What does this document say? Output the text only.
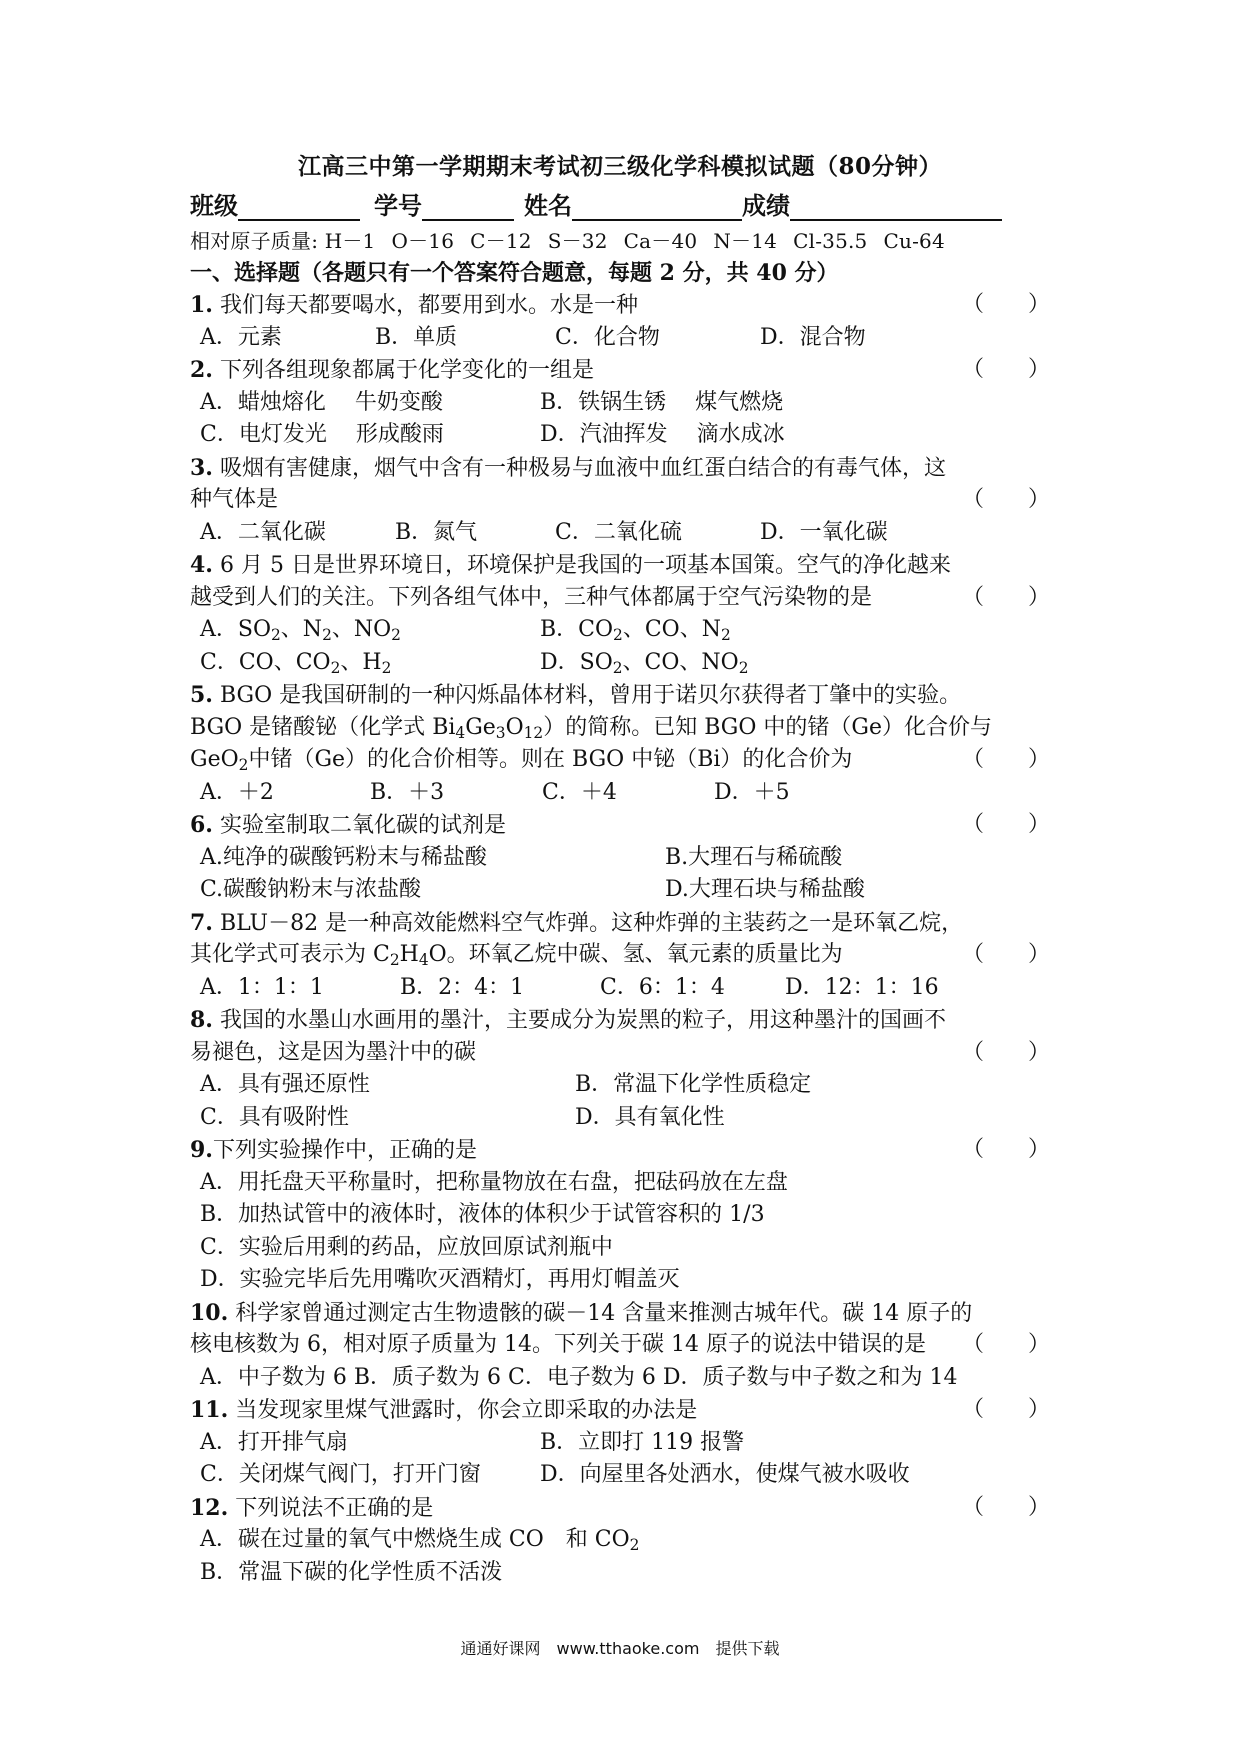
江高三中第一学期期末考试初三级化学科模拟试题（80分钟）
班级	学号	姓名	成绩
相对原子质量: H－1 O－16 C－12 S－32 Ca－40 N－14 Cl-35.5 Cu-64
一、选择题（各题只有一个答案符合题意，每题 2 分，共 40 分）
1. 我们每天都要喝水，都要用到水。水是一种	（　　）
A．元素	B．单质	C．化合物	D．混合物
2. 下列各组现象都属于化学变化的一组是	（　　）
A．蜡烛熔化　 牛奶变酸	B．铁锅生锈　 煤气燃烧
C．电灯发光　 形成酸雨	D．汽油挥发　 滴水成冰
3. 吸烟有害健康，烟气中含有一种极易与血液中血红蛋白结合的有毒气体，这
种气体是	（　　）
A．二氧化碳	B．氮气	C．二氧化硫	D．一氧化碳
4. 6 月 5 日是世界环境日，环境保护是我国的一项基本国策。空气的净化越来
越受到人们的关注。下列各组气体中，三种气体都属于空气污染物的是	（　　）
A．$SO_2$、$N_2$、$NO_2$	B．$CO_2$、CO、$N_2$
C．CO、$CO_2$、$H_2$	D．$SO_2$、CO、$NO_2$
5. BGO 是我国研制的一种闪烁晶体材料，曾用于诺贝尔获得者丁肇中的实验。
BGO 是锗酸铋（化学式 $Bi_4Ge_3O_{12}$）的简称。已知 BGO 中的锗（Ge）化合价与
GeO$_2$中锗（Ge）的化合价相等。则在 BGO 中铋（Bi）的化合价为	（　　）
A．＋2	B．＋3	C．＋4	D．＋5
6. 实验室制取二氧化碳的试剂是	（　　）
A.纯净的碳酸钙粉末与稀盐酸	B.大理石与稀硫酸
C.碳酸钠粉末与浓盐酸	D.大理石块与稀盐酸
7. BLU－82 是一种高效能燃料空气炸弹。这种炸弹的主装药之一是环氧乙烷，
其化学式可表示为 $C_2H_4O$。环氧乙烷中碳、氢、氧元素的质量比为	（　　）
A．1：1：1	B．2：4：1	C．6：1：4	D．12：1：16
8. 我国的水墨山水画用的墨汁，主要成分为炭黑的粒子，用这种墨汁的国画不
易褪色，这是因为墨汁中的碳	（　　）
A．具有强还原性	B．常温下化学性质稳定
C．具有吸附性	D．具有氧化性
9.下列实验操作中，正确的是	（　　）
A．用托盘天平称量时，把称量物放在右盘，把砝码放在左盘
B．加热试管中的液体时，液体的体积少于试管容积的 1/3
C．实验后用剩的药品，应放回原试剂瓶中
D．实验完毕后先用嘴吹灭酒精灯，再用灯帽盖灭
10. 科学家曾通过测定古生物遗骸的碳－14 含量来推测古城年代。碳 14 原子的
核电核数为 6，相对原子质量为 14。下列关于碳 14 原子的说法中错误的是 （　　）
A．中子数为 6 B．质子数为 6 C．电子数为 6 D．质子数与中子数之和为 14
11. 当发现家里煤气泄露时，你会立即采取的办法是	（　　）
A．打开排气扇	B．立即打 119 报警
C．关闭煤气阀门，打开门窗	D．向屋里各处洒水，使煤气被水吸收
12. 下列说法不正确的是	（　　）
A．碳在过量的氧气中燃烧生成 CO　和 $CO_2$
B．常温下碳的化学性质不活泼
通通好课网　www.tthaoke.com　提供下载
